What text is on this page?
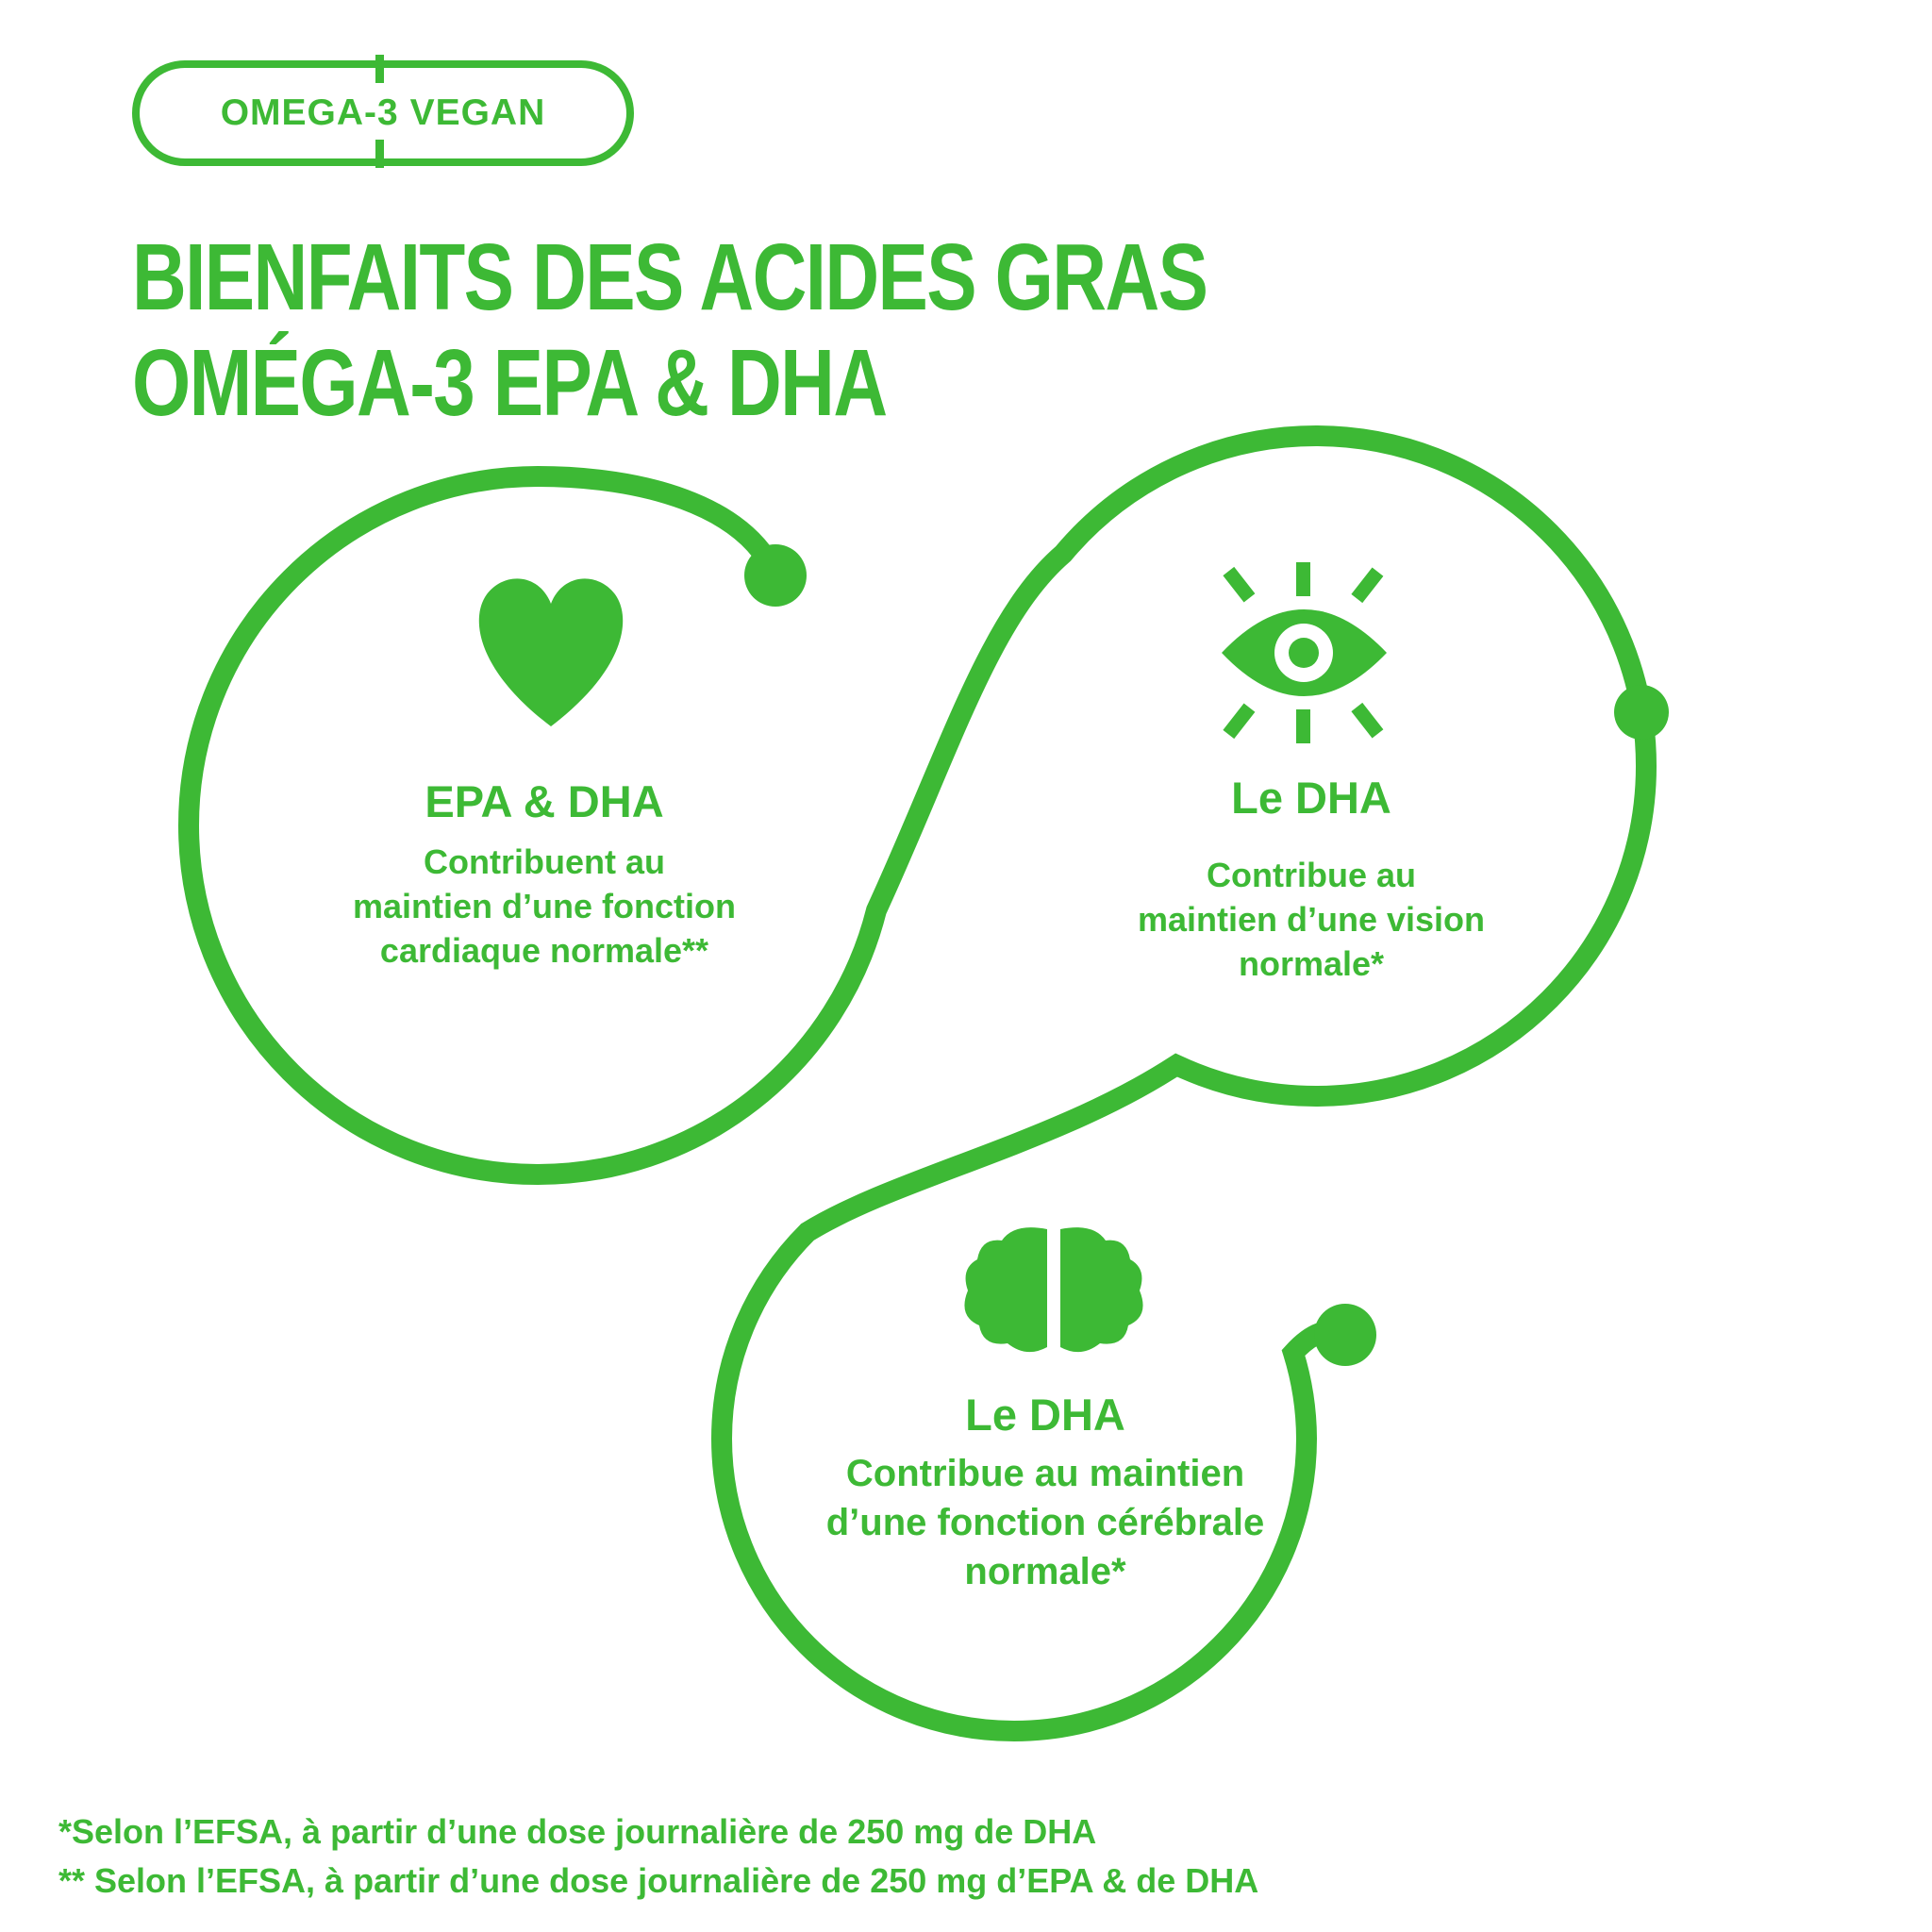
OMEGA-3 VEGAN
BIENFAITS DES ACIDES GRAS
OMÉGA-3 EPA & DHA
EPA & DHA
Contribuent au
maintien d’une fonction
cardiaque normale**
Le DHA
Contribue au
maintien d’une vision
normale*
Le DHA
Contribue au maintien
d’une fonction cérébrale
normale*
*Selon l’EFSA, à partir d’une dose journalière de 250 mg de DHA
** Selon l’EFSA, à partir d’une dose journalière de 250 mg d’EPA & de DHA
